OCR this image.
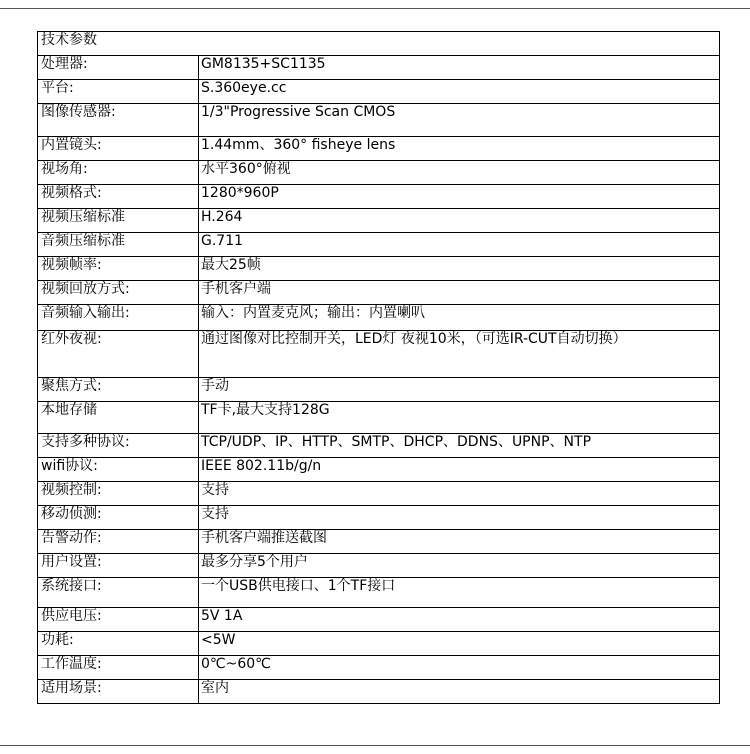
技术参数	
处理器:	GM8135+SC1135
平台:	S.360eye.cc
图像传感器:	1/3"Progressive Scan CMOS
内置镜头:	1.44mm、360° fisheye lens
视场角:	水平360°俯视
视频格式:	1280*960P
视频压缩标准	H.264
音频压缩标准	G.711
视频帧率:	最大25帧
视频回放方式:	手机客户端
音频输入输出:	输入：内置麦克风；输出：内置喇叭
红外夜视:	通过图像对比控制开关，LED灯 夜视10米，（可选IR-CUT自动切换）
聚焦方式:	手动
本地存储	TF卡,最大支持128G
支持多种协议:	TCP/UDP、IP、HTTP、SMTP、DHCP、DDNS、UPNP、NTP
wifi协议:	IEEE 802.11b/g/n
视频控制:	支持
移动侦测:	支持
告警动作:	手机客户端推送截图
用户设置:	最多分享5个用户
系统接口:	一个USB供电接口、1个TF接口
供应电压:	5V 1A
功耗:	<5W
工作温度:	0℃~60℃
适用场景:	室内
